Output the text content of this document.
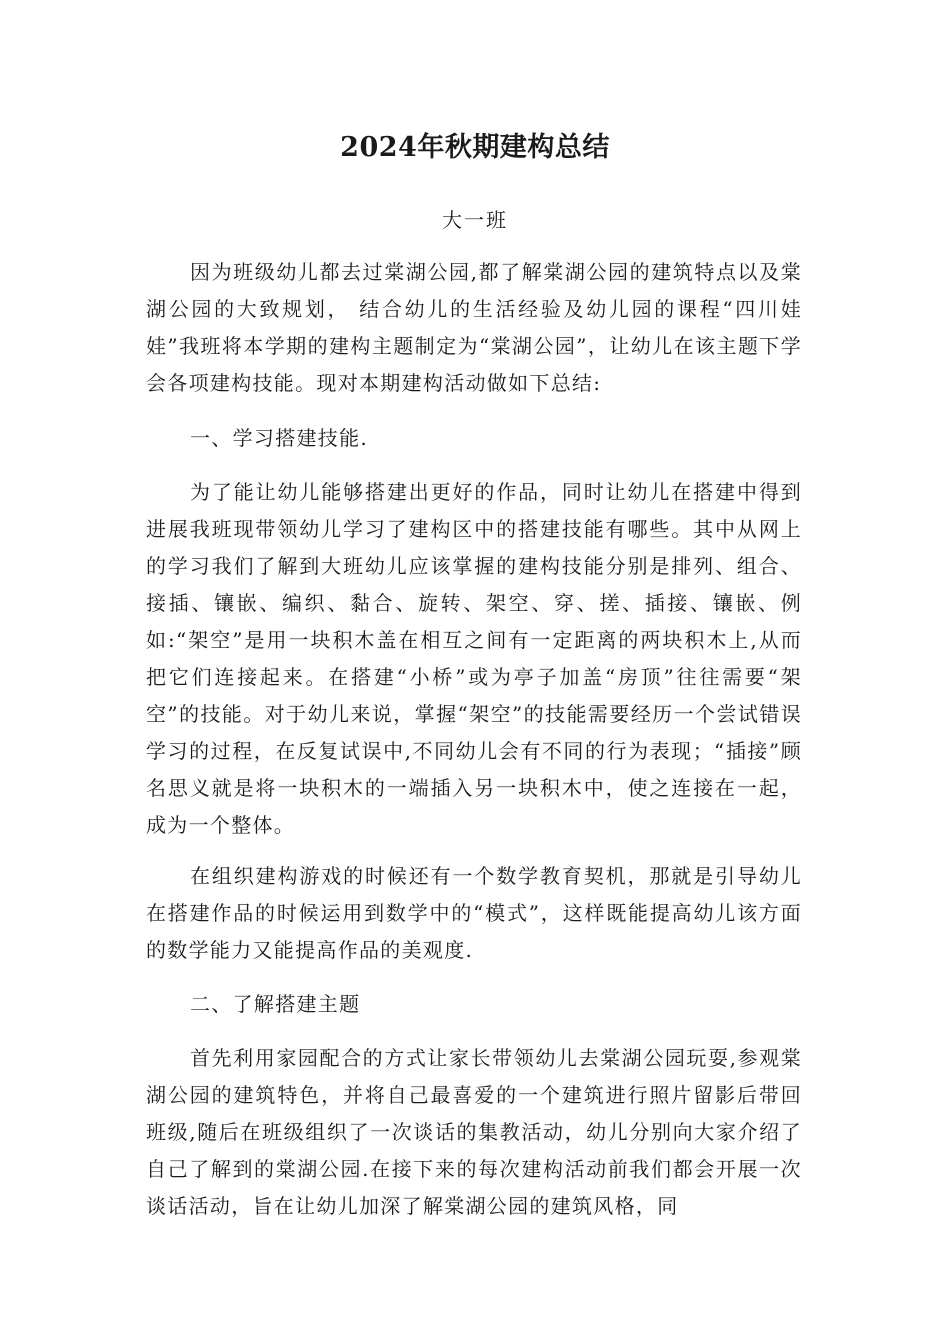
2024年秋期建构总结
大一班
因为班级幼儿都去过棠湖公园,都了解棠湖公园的建筑特点以及棠湖公园的大致规划， 结合幼儿的生活经验及幼儿园的课程“四川娃娃”我班将本学期的建构主题制定为“棠湖公园”，让幼儿在该主题下学会各项建构技能。现对本期建构活动做如下总结:
一、学习搭建技能.
为了能让幼儿能够搭建出更好的作品，同时让幼儿在搭建中得到进展我班现带领幼儿学习了建构区中的搭建技能有哪些。其中从网上的学习我们了解到大班幼儿应该掌握的建构技能分别是排列、组合、接插、镶嵌、编织、黏合、旋转、架空、穿、搓、插接、镶嵌、例如:“架空”是用一块积木盖在相互之间有一定距离的两块积木上,从而把它们连接起来。在搭建“小桥”或为亭子加盖“房顶”往往需要“架空”的技能。对于幼儿来说，掌握“架空”的技能需要经历一个尝试错误学习的过程，在反复试误中,不同幼儿会有不同的行为表现；“插接”顾名思义就是将一块积木的一端插入另一块积木中，使之连接在一起，成为一个整体。
在组织建构游戏的时候还有一个数学教育契机，那就是引导幼儿在搭建作品的时候运用到数学中的“模式”，这样既能提高幼儿该方面的数学能力又能提高作品的美观度.
二、了解搭建主题
首先利用家园配合的方式让家长带领幼儿去棠湖公园玩耍,参观棠湖公园的建筑特色，并将自己最喜爱的一个建筑进行照片留影后带回班级,随后在班级组织了一次谈话的集教活动，幼儿分别向大家介绍了自己了解到的棠湖公园.在接下来的每次建构活动前我们都会开展一次谈话活动，旨在让幼儿加深了解棠湖公园的建筑风格，同
